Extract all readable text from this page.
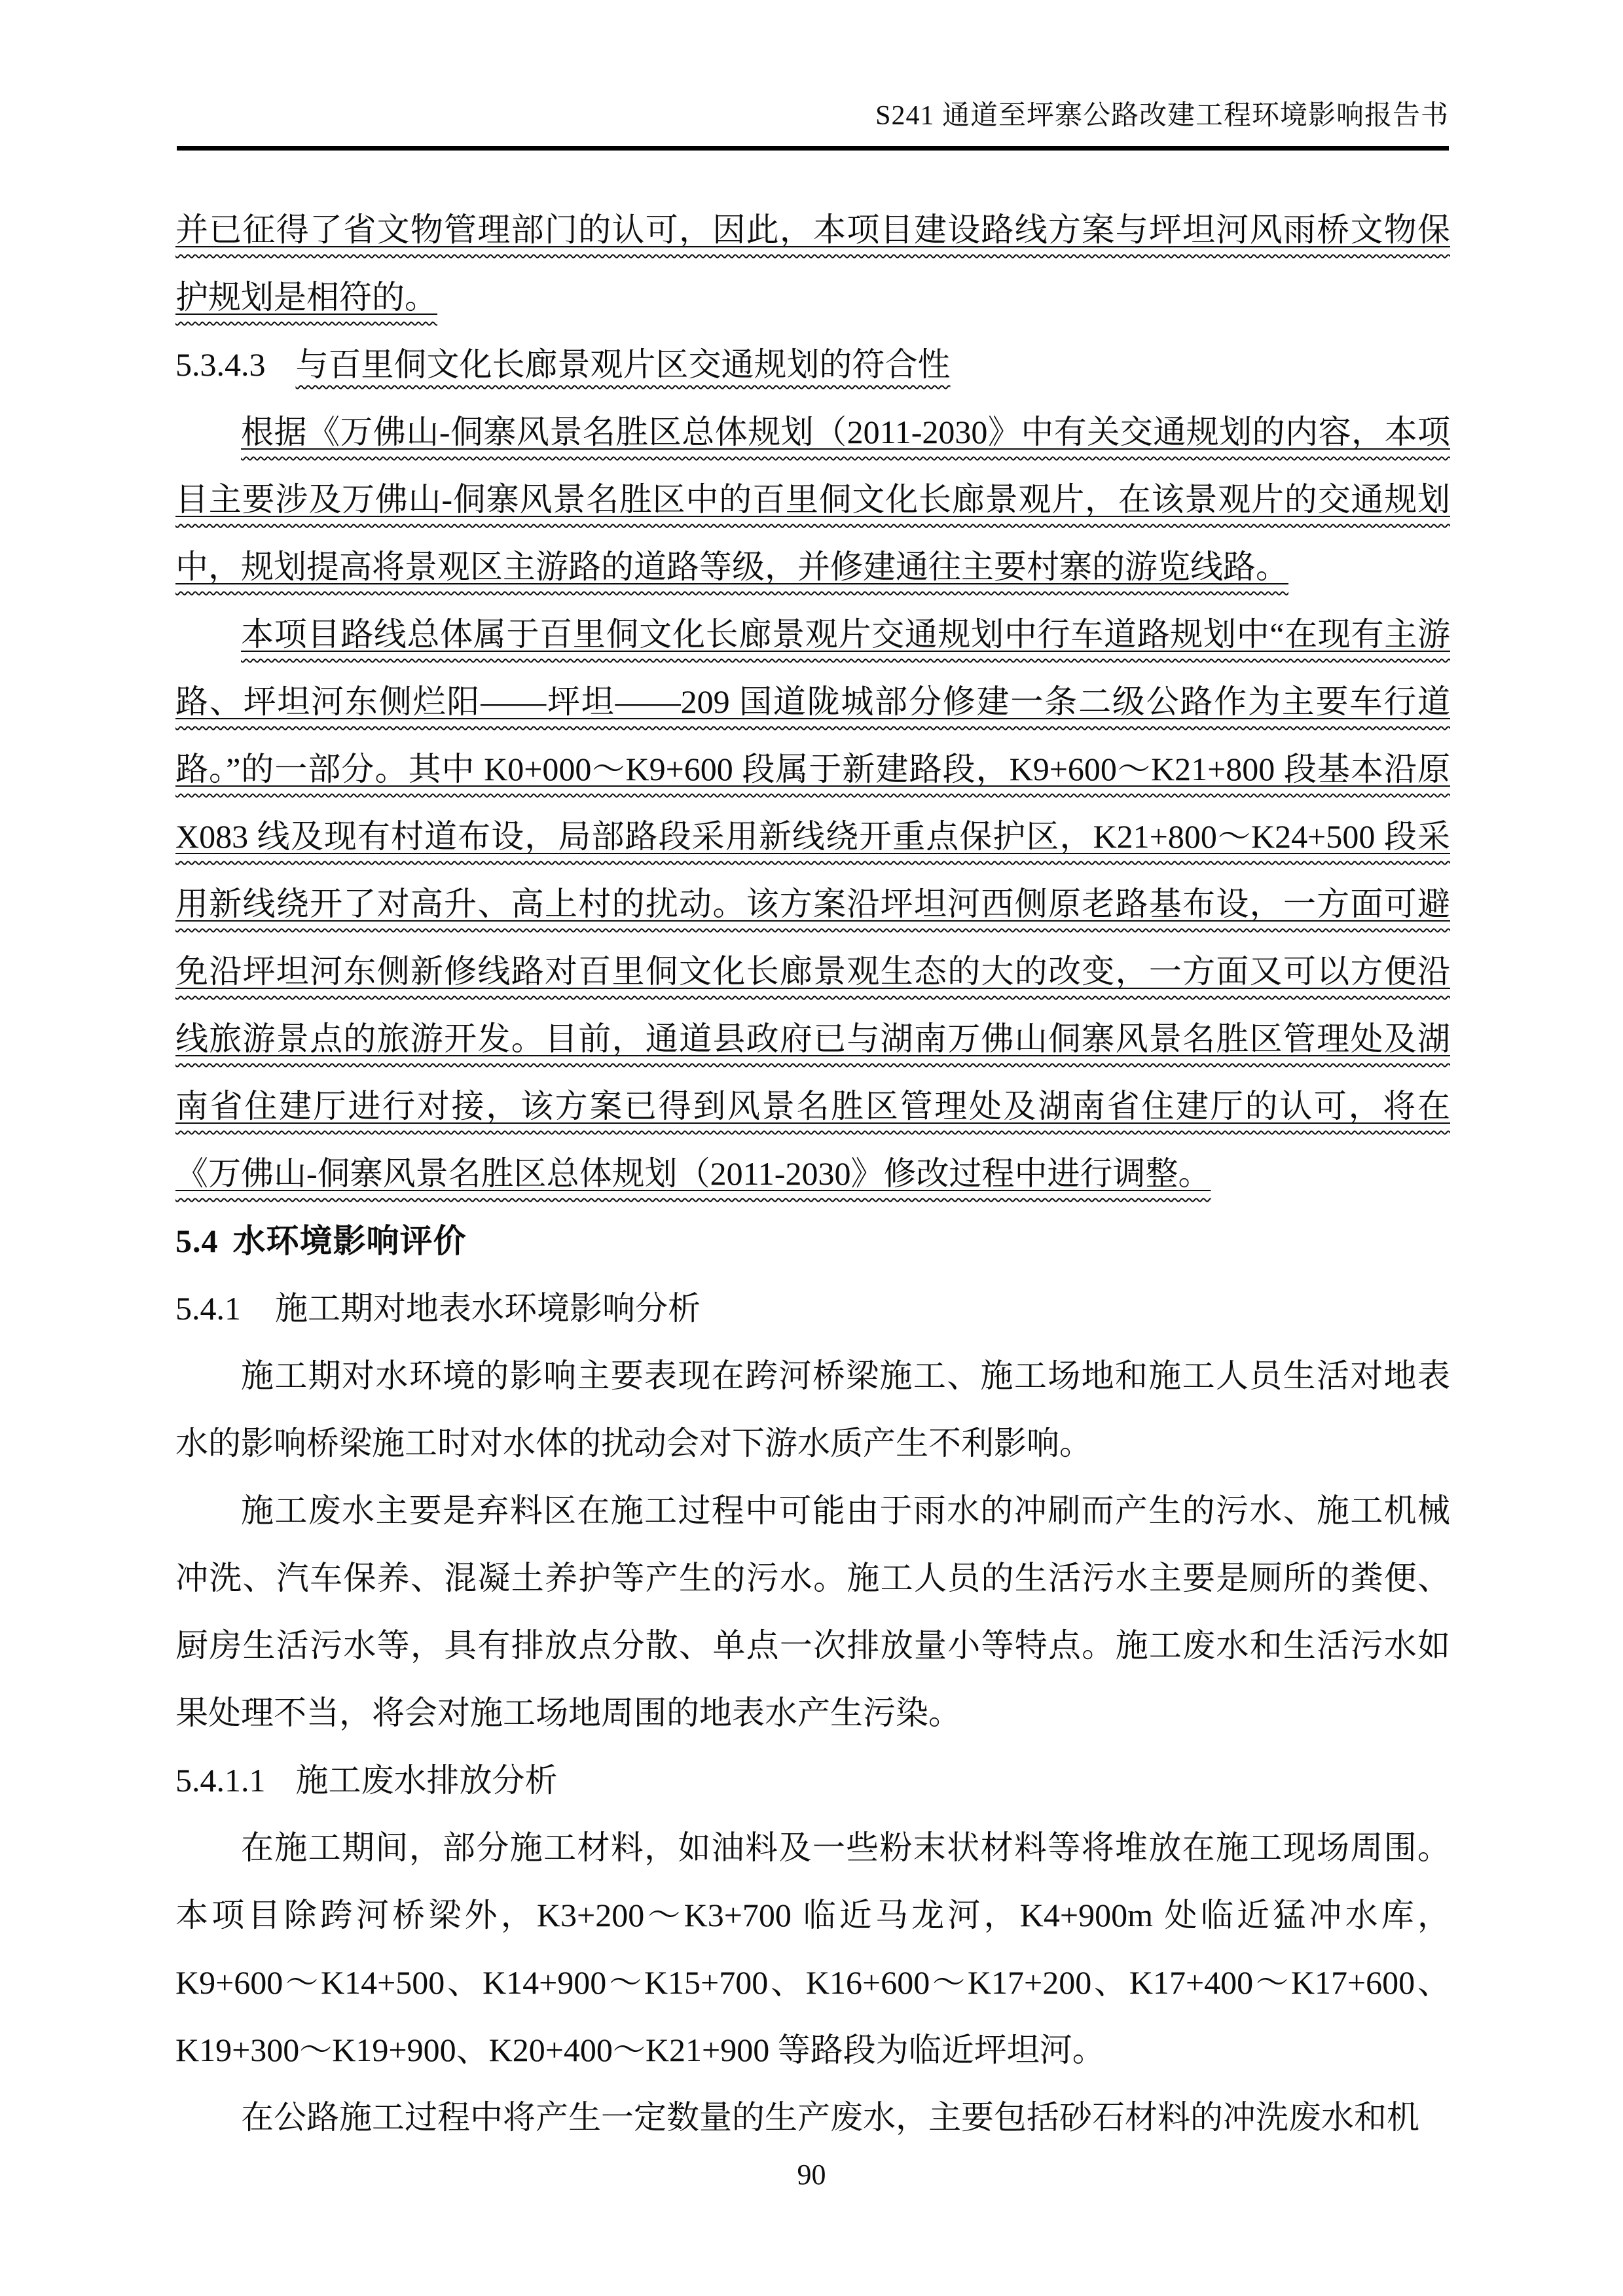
S241 通道至坪寨公路改建工程环境影响报告书

并已征得了省文物管理部门的认可，因此，本项目建设路线方案与坪坦河风雨桥文物保护规划是相符的。

5.3.4.3 与百里侗文化长廊景观片区交通规划的符合性

根据《万佛山-侗寨风景名胜区总体规划（2011-2030》中有关交通规划的内容，本项目主要涉及万佛山-侗寨风景名胜区中的百里侗文化长廊景观片，在该景观片的交通规划中，规划提高将景观区主游路的道路等级，并修建通往主要村寨的游览线路。

本项目路线总体属于百里侗文化长廊景观片交通规划中行车道路规划中“在现有主游路、坪坦河东侧烂阳——坪坦——209 国道陇城部分修建一条二级公路作为主要车行道路。”的一部分。其中 K0+000～K9+600 段属于新建路段，K9+600～K21+800 段基本沿原 X083 线及现有村道布设，局部路段采用新线绕开重点保护区，K21+800～K24+500 段采用新线绕开了对高升、高上村的扰动。该方案沿坪坦河西侧原老路基布设，一方面可避免沿坪坦河东侧新修线路对百里侗文化长廊景观生态的大的改变，一方面又可以方便沿线旅游景点的旅游开发。目前，通道县政府已与湖南万佛山侗寨风景名胜区管理处及湖南省住建厅进行对接，该方案已得到风景名胜区管理处及湖南省住建厅的认可，将在《万佛山-侗寨风景名胜区总体规划（2011-2030》修改过程中进行调整。

5.4 水环境影响评价

5.4.1 施工期对地表水环境影响分析

施工期对水环境的影响主要表现在跨河桥梁施工、施工场地和施工人员生活对地表水的影响桥梁施工时对水体的扰动会对下游水质产生不利影响。

施工废水主要是弃料区在施工过程中可能由于雨水的冲刷而产生的污水、施工机械冲洗、汽车保养、混凝土养护等产生的污水。施工人员的生活污水主要是厕所的粪便、厨房生活污水等，具有排放点分散、单点一次排放量小等特点。施工废水和生活污水如果处理不当，将会对施工场地周围的地表水产生污染。

5.4.1.1 施工废水排放分析

在施工期间，部分施工材料，如油料及一些粉末状材料等将堆放在施工现场周围。本项目除跨河桥梁外，K3+200～K3+700 临近马龙河，K4+900m 处临近猛冲水库，K9+600～K14+500、K14+900～K15+700、K16+600～K17+200、K17+400～K17+600、K19+300～K19+900、K20+400～K21+900 等路段为临近坪坦河。

在公路施工过程中将产生一定数量的生产废水，主要包括砂石材料的冲洗废水和机

90
